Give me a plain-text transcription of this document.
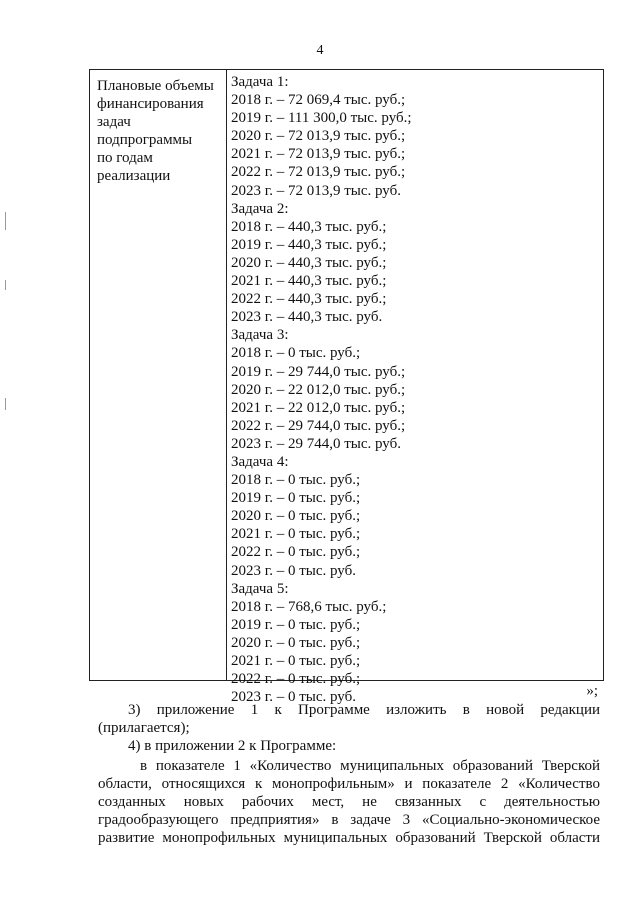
4
Плановые объемы
финансирования
задач
подпрограммы
по годам
реализации
Задача 1:
2018 г. – 72 069,4 тыс. руб.;
2019 г. – 111 300,0 тыс. руб.;
2020 г. – 72 013,9 тыс. руб.;
2021 г. – 72 013,9 тыс. руб.;
2022 г. – 72 013,9 тыс. руб.;
2023 г. – 72 013,9 тыс. руб.
Задача 2:
2018 г. – 440,3 тыс. руб.;
2019 г. – 440,3 тыс. руб.;
2020 г. – 440,3 тыс. руб.;
2021 г. – 440,3 тыс. руб.;
2022 г. – 440,3 тыс. руб.;
2023 г. – 440,3 тыс. руб.
Задача 3:
2018 г. – 0 тыс. руб.;
2019 г. – 29 744,0 тыс. руб.;
2020 г. – 22 012,0 тыс. руб.;
2021 г. – 22 012,0 тыс. руб.;
2022 г. – 29 744,0 тыс. руб.;
2023 г. – 29 744,0 тыс. руб.
Задача 4:
2018 г. – 0 тыс. руб.;
2019 г. – 0 тыс. руб.;
2020 г. – 0 тыс. руб.;
2021 г. – 0 тыс. руб.;
2022 г. – 0 тыс. руб.;
2023 г. – 0 тыс. руб.
Задача 5:
2018 г. – 768,6 тыс. руб.;
2019 г. – 0 тыс. руб.;
2020 г. – 0 тыс. руб.;
2021 г. – 0 тыс. руб.;
2022 г. – 0 тыс. руб.;
2023 г. – 0 тыс. руб.	»;
3) приложение 1 к Программе изложить в новой редакции
(прилагается);
4) в приложении 2 к Программе:
в показателе 1 «Количество муниципальных образований Тверской
области, относящихся к монопрофильным» и показателе 2 «Количество
созданных новых рабочих мест, не связанных с деятельностью
градообразующего предприятия» в задаче 3 «Социально-экономическое
развитие монопрофильных муниципальных образований Тверской области
